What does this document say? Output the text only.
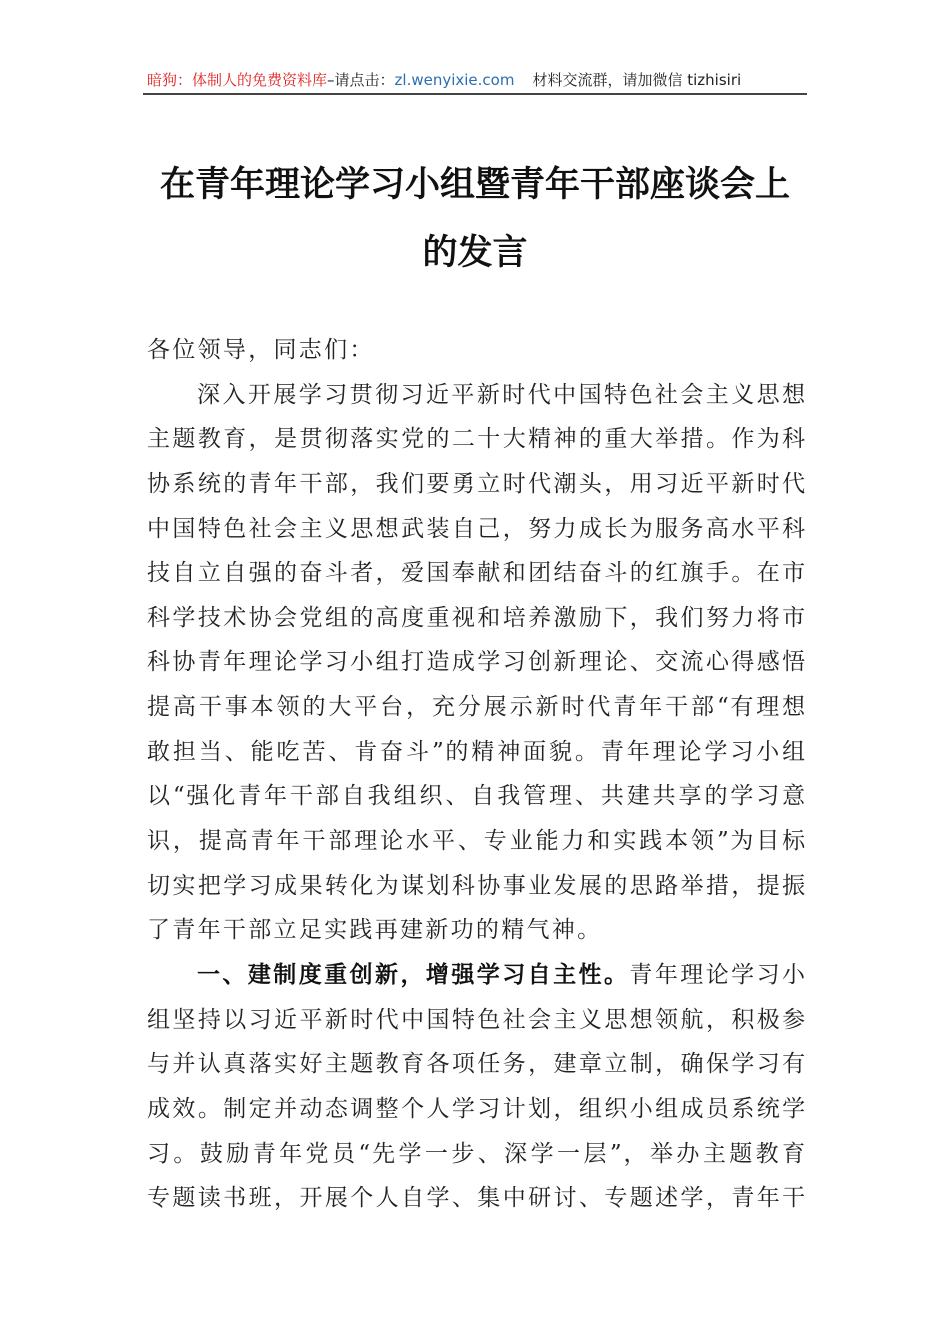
暗狗：体制人的免费资料库–请点击：zl.wenyixie.com 材料交流群，请加微信 tizhisiri
在青年理论学习小组暨青年干部座谈会上
的发言
各位领导，同志们：
深 入 开 展 学 习 贯 彻 习 近 平 新 时 代 中 国 特 色 社 会 主 义 思 想
主 题 教 育 ， 是 贯 彻 落 实 党 的 二 十 大 精 神 的 重 大 举 措 。 作 为 科
协 系 统 的 青 年 干 部 ， 我 们 要 勇 立 时 代 潮 头 ， 用 习 近 平 新 时 代
中 国 特 色 社 会 主 义 思 想 武 装 自 己 ， 努 力 成 长 为 服 务 高 水 平 科
技 自 立 自 强 的 奋 斗 者 ， 爱 国 奉 献 和 团 结 奋 斗 的 红 旗 手 。 在 市
科 学 技 术 协 会 党 组 的 高 度 重 视 和 培 养 激 励 下 ， 我 们 努 力 将 市
科 协 青 年 理 论 学 习 小 组 打 造 成 学 习 创 新 理 论 、 交 流 心 得 感 悟
提 高 干 事 本 领 的 大 平 台 ， 充 分 展 示 新 时 代 青 年 干 部 “ 有 理 想
敢 担 当 、 能 吃 苦 、 肯 奋 斗 ” 的 精 神 面 貌 。 青 年 理 论 学 习 小 组
以 “ 强 化 青 年 干 部 自 我 组 织 、 自 我 管 理 、 共 建 共 享 的 学 习 意
识 ， 提 高 青 年 干 部 理 论 水 平 、 专 业 能 力 和 实 践 本 领 ” 为 目 标
切 实 把 学 习 成 果 转 化 为 谋 划 科 协 事 业 发 展 的 思 路 举 措 ， 提 振
了青年干部立足实践再建新功的精气神。
一、建制度重创新，增强学习自主性。青年理论学习小
组 坚 持 以 习 近 平 新 时 代 中 国 特 色 社 会 主 义 思 想 领 航 ， 积 极 参
与 并 认 真 落 实 好 主 题 教 育 各 项 任 务 ， 建 章 立 制 ， 确 保 学 习 有
成 效 。 制 定 并 动 态 调 整 个 人 学 习 计 划 ， 组 织 小 组 成 员 系 统 学
习 。 鼓 励 青 年 党 员 “ 先 学 一 步 、 深 学 一 层 ” ， 举 办 主 题 教 育
专 题 读 书 班 ， 开 展 个 人 自 学 、 集 中 研 讨 、 专 题 述 学 ， 青 年 干
